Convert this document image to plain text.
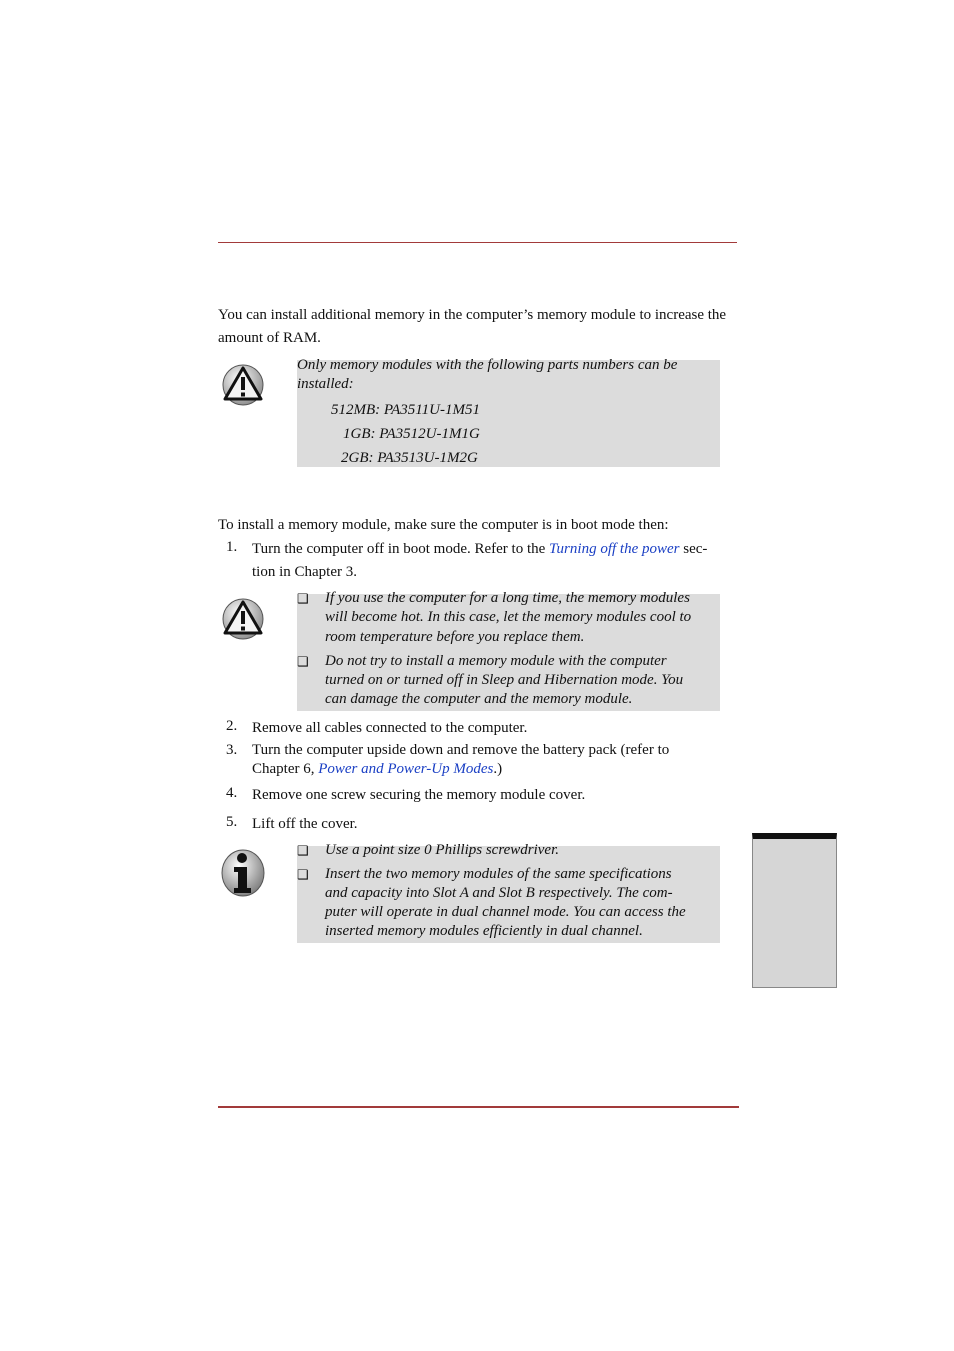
You can install additional memory in the computer’s memory module to increase the amount of RAM.
Only memory modules with the following parts numbers can be installed:
512MB: PA3511U-1M51
1GB: PA3512U-1M1G
2GB: PA3513U-1M2G
To install a memory module, make sure the computer is in boot mode then:
1. Turn the computer off in boot mode. Refer to the Turning off the power sec-
tion in Chapter 3.
❑ If you use the computer for a long time, the memory modules
will become hot. In this case, let the memory modules cool to
room temperature before you replace them.
❑ Do not try to install a memory module with the computer
turned on or turned off in Sleep and Hibernation mode. You
can damage the computer and the memory module.
2. Remove all cables connected to the computer.
3. Turn the computer upside down and remove the battery pack (refer to
Chapter 6, Power and Power-Up Modes.)
4. Remove one screw securing the memory module cover.
5. Lift off the cover.
❑ Use a point size 0 Phillips screwdriver.
❑ Insert the two memory modules of the same specifications
and capacity into Slot A and Slot B respectively. The com-
puter will operate in dual channel mode. You can access the
inserted memory modules efficiently in dual channel.
